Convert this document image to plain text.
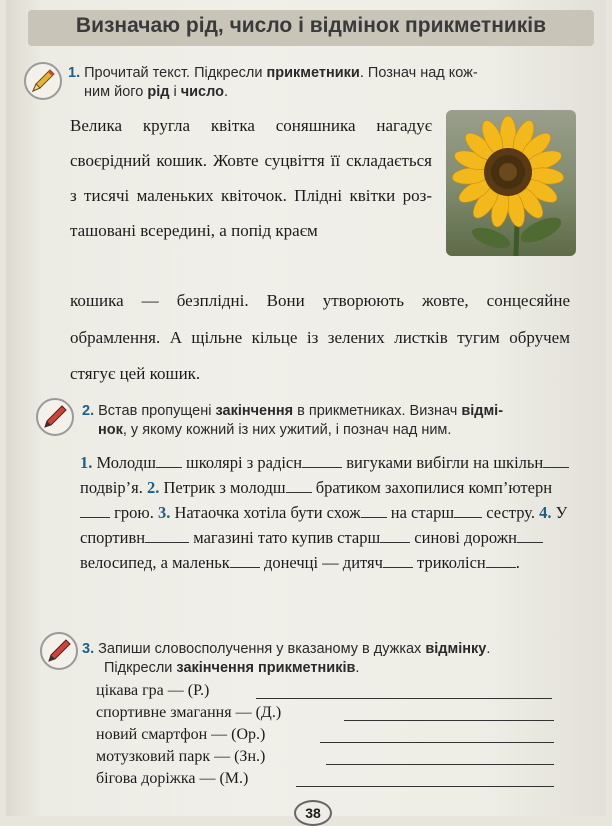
Визначаю рід, число і відмінок прикметників
1. Прочитай текст. Підкресли прикметники. Познач над кож-
ним його рід і число.
Велика кругла квітка соняшника нагадує своєрідний кошик. Жовте суцвіття її складається з тисячі маленьких квіточок. Плідні квітки розташовані всередині, а попід краєм
кошика — безплідні. Вони утворюють жовте, сонцесяйне обрамлення. А щільне кільце із зелених листків тугим обручем стягує цей кошик.
2. Встав пропущені закінчення в прикметниках. Визнач відмі-
нок, у якому кожний із них ужитий, і познач над ним.
1. Молодш школярі з радісн вигуками вибігли на шкільн подвір’я. 2. Петрик з молодш братиком захопилися комп’ютерн грою. 3. Натаочка хотіла бути схож на старш сестру. 4. У спортивн	магазині тато купив старш синові дорожн велосипед, а маленьк донечці — дитяч триколісн .
3. Запиши словосполучення у вказаному в дужках відмінку.
Підкресли закінчення прикметників.
цікава гра — (Р.)
спортивне змагання — (Д.)
новий смартфон — (Ор.)
мотузковий парк — (Зн.)
бігова доріжка — (М.)
38
